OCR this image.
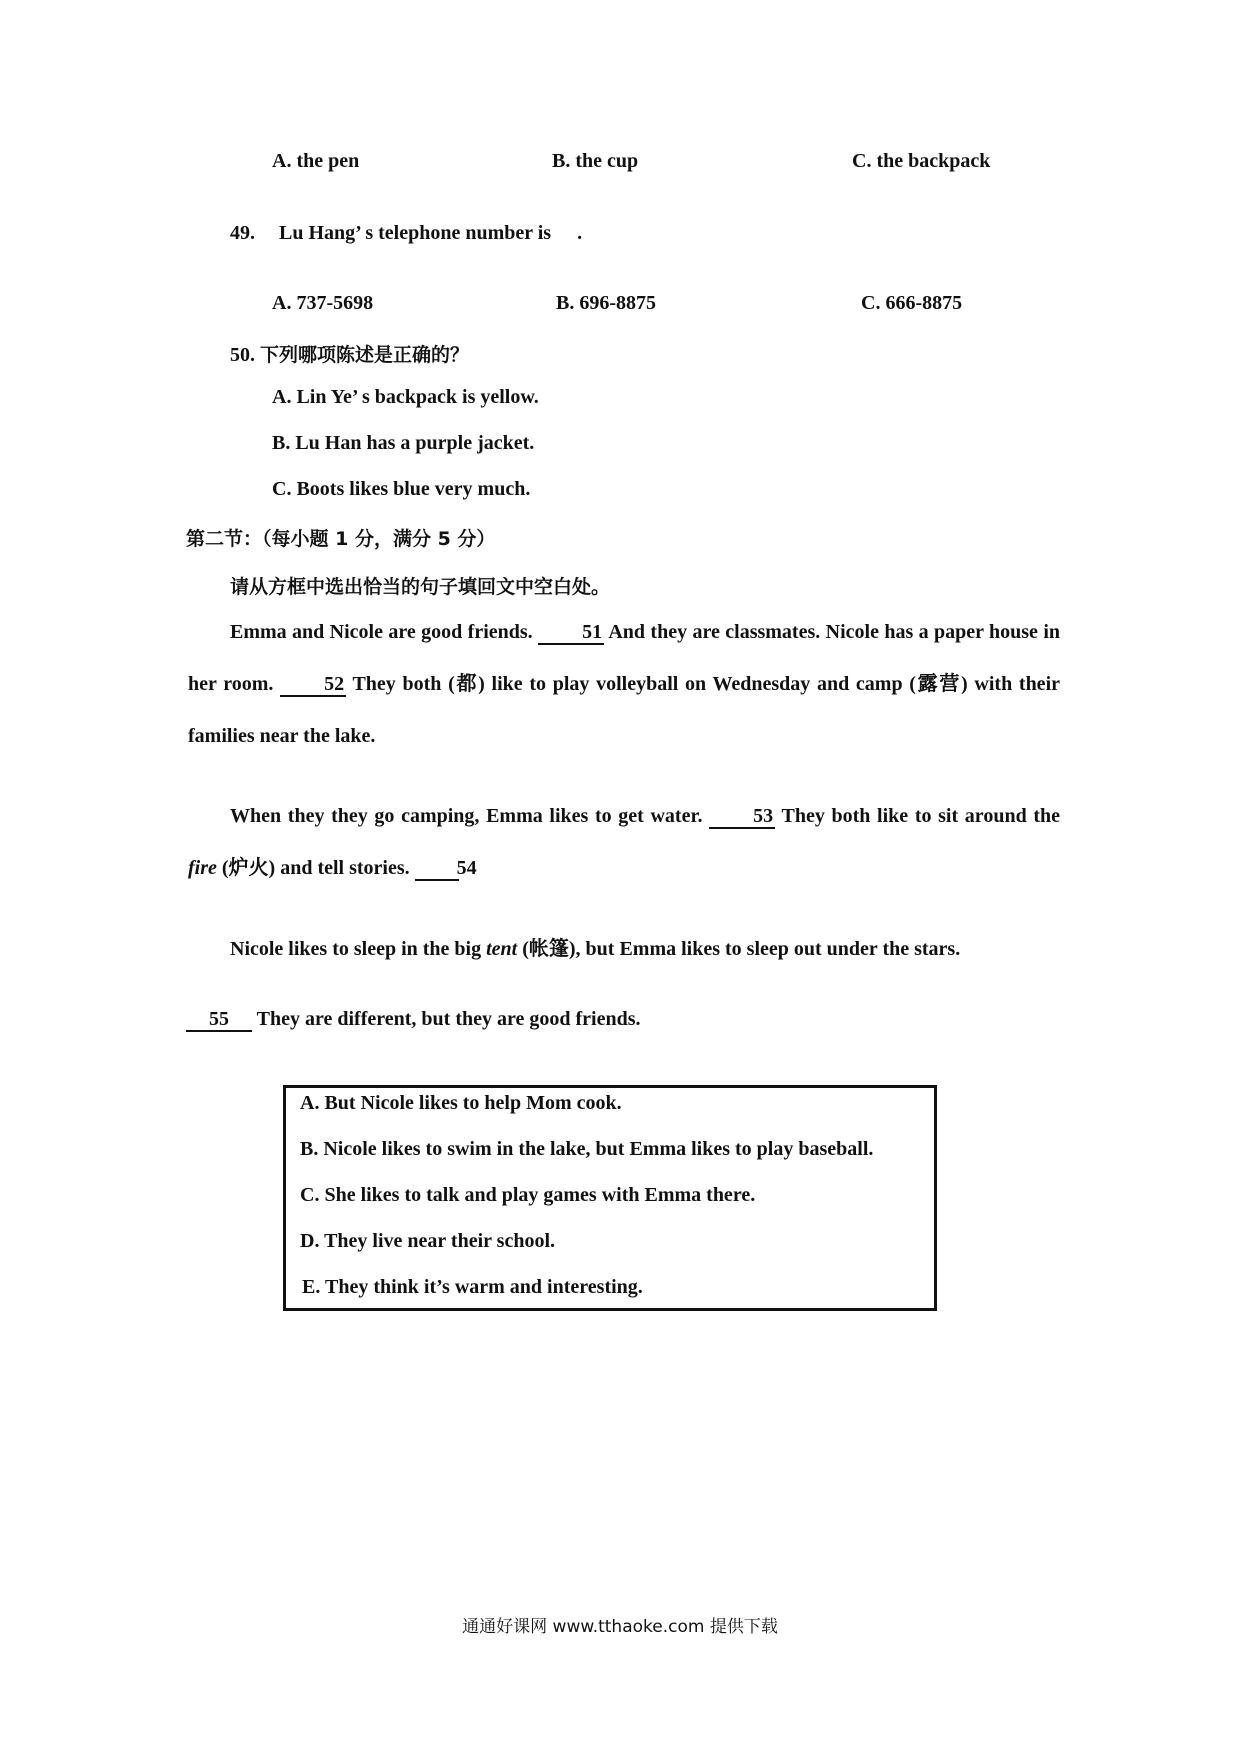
A. the pen	B. the cup	C. the backpack
49. Lu Hang’ s telephone number is .
A. 737-5698	B. 696-8875	C. 666-8875
50. 下列哪项陈述是正确的？
A. Lin Ye’ s backpack is yellow.
B. Lu Han has a purple jacket.
C. Boots likes blue very much.
第二节：（每小题 1 分，满分 5 分）
请从方框中选出恰当的句子填回文中空白处。
Emma and Nicole are good friends. 51 And they are classmates. Nicole has a paper house in her room.	52 They both (都) like to play volleyball on Wednesday and camp (露营) with their families near the lake.
When they they go camping, Emma likes to get water.	53 They both like to sit around the fire (炉火) and tell stories. 54
Nicole likes to sleep in the big tent (帐篷), but Emma likes to sleep out under the stars.
55 They are different, but they are good friends.
A. But Nicole likes to help Mom cook.
B. Nicole likes to swim in the lake, but Emma likes to play baseball.
C. She likes to talk and play games with Emma there.
D. They live near their school.
E. They think it’s warm and interesting.
通通好课网 www.tthaoke.com 提供下载
